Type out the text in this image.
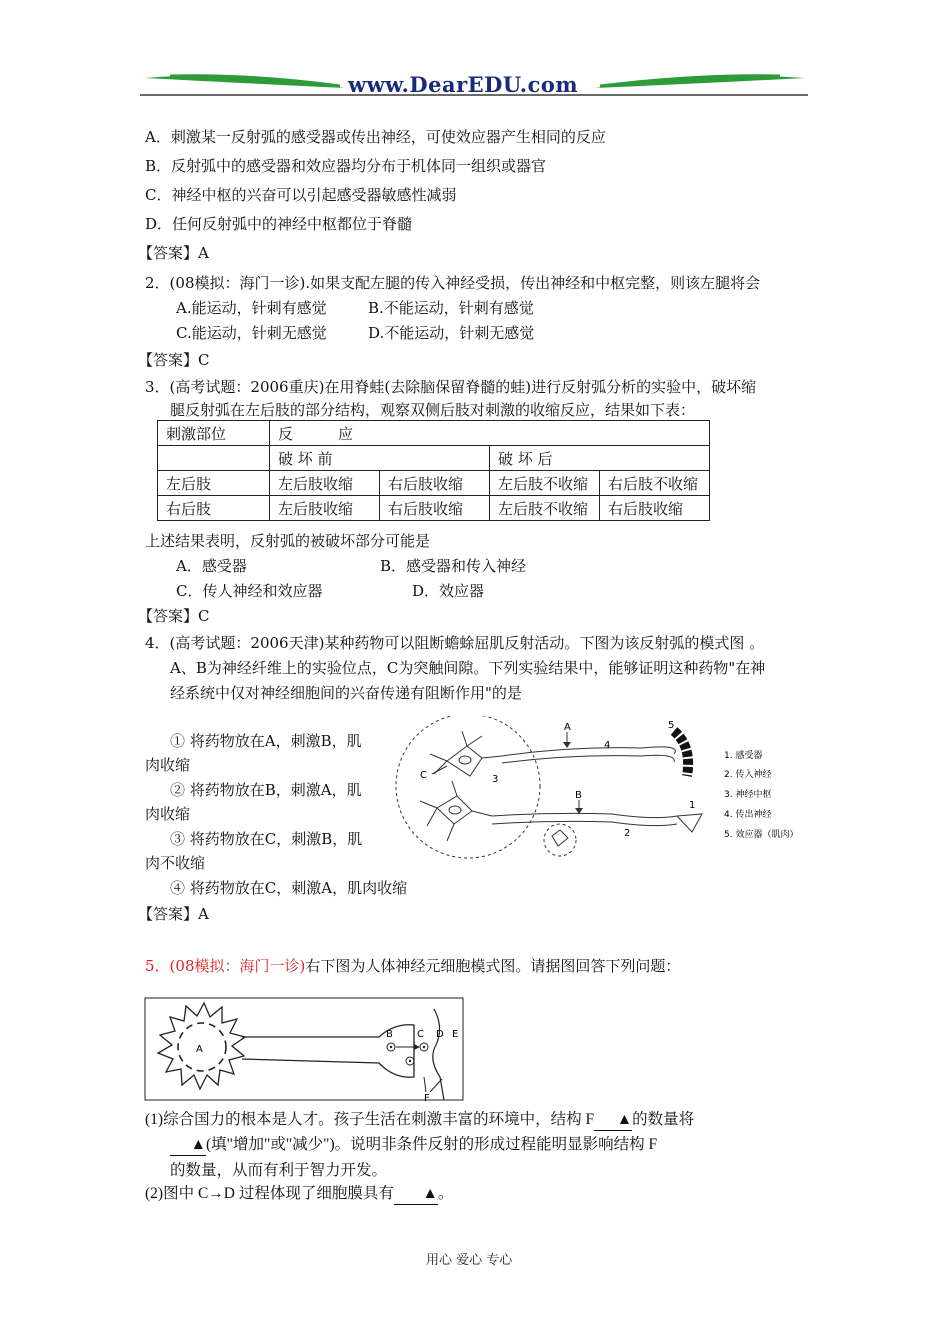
www.DearEDU.com
A．刺激某一反射弧的感受器或传出神经，可使效应器产生相同的反应
B．反射弧中的感受器和效应器均分布于机体同一组织或器官
C．神经中枢的兴奋可以引起感受器敏感性减弱
D．任何反射弧中的神经中枢都位于脊髓
【答案】A
2．(08模拟：海门一诊).如果支配左腿的传入神经受损，传出神经和中枢完整，则该左腿将会
A.能运动，针刺有感觉	B.不能运动，针刺有感觉
C.能运动，针刺无感觉	D.不能运动，针刺无感觉
【答案】C
3．(高考试题：2006重庆)在用脊蛙(去除脑保留脊髓的蛙)进行反射弧分析的实验中，破坏缩
腿反射弧在左后肢的部分结构，观察双侧后肢对刺激的收缩反应，结果如下表：
刺激部位	反　　　应			
	破 坏 前		破 坏 后	
左后肢	左后肢收缩	右后肢收缩	左后肢不收缩	右后肢不收缩
右后肢	左后肢收缩	右后肢收缩	左后肢不收缩	右后肢收缩
上述结果表明，反射弧的被破坏部分可能是
A．感受器	B．感受器和传入神经
C．传人神经和效应器	D．效应器
【答案】C
4．(高考试题：2006天津)某种药物可以阻断蟾蜍屈肌反射活动。下图为该反射弧的模式图 。
A、B为神经纤维上的实验位点，C为突触间隙。下列实验结果中，能够证明这种药物"在神
经系统中仅对神经细胞间的兴奋传递有阻断作用"的是
① 将药物放在A，刺激B，肌
肉收缩
② 将药物放在B，刺激A，肌
肉收缩
③ 将药物放在C，刺激B，肌
肉不收缩
④ 将药物放在C，刺激A，肌肉收缩
【答案】A
A
B
C
1
2
3
4
5
1. 感受器
2. 传入神经
3. 神经中枢
4. 传出神经
5. 效应器（肌肉）
5．(08模拟：海门一诊)右下图为人体神经元细胞模式图。请据图回答下列问题：
A
B C D E
F
(1)综合国力的根本是人才。孩子生活在刺激丰富的环境中，结构 F ▲的数量将
▲(填"增加"或"减少")。说明非条件反射的形成过程能明显影响结构 F
的数量，从而有利于智力开发。
(2)图中 C→D 过程体现了细胞膜具有 ▲。
用心 爱心 专心
